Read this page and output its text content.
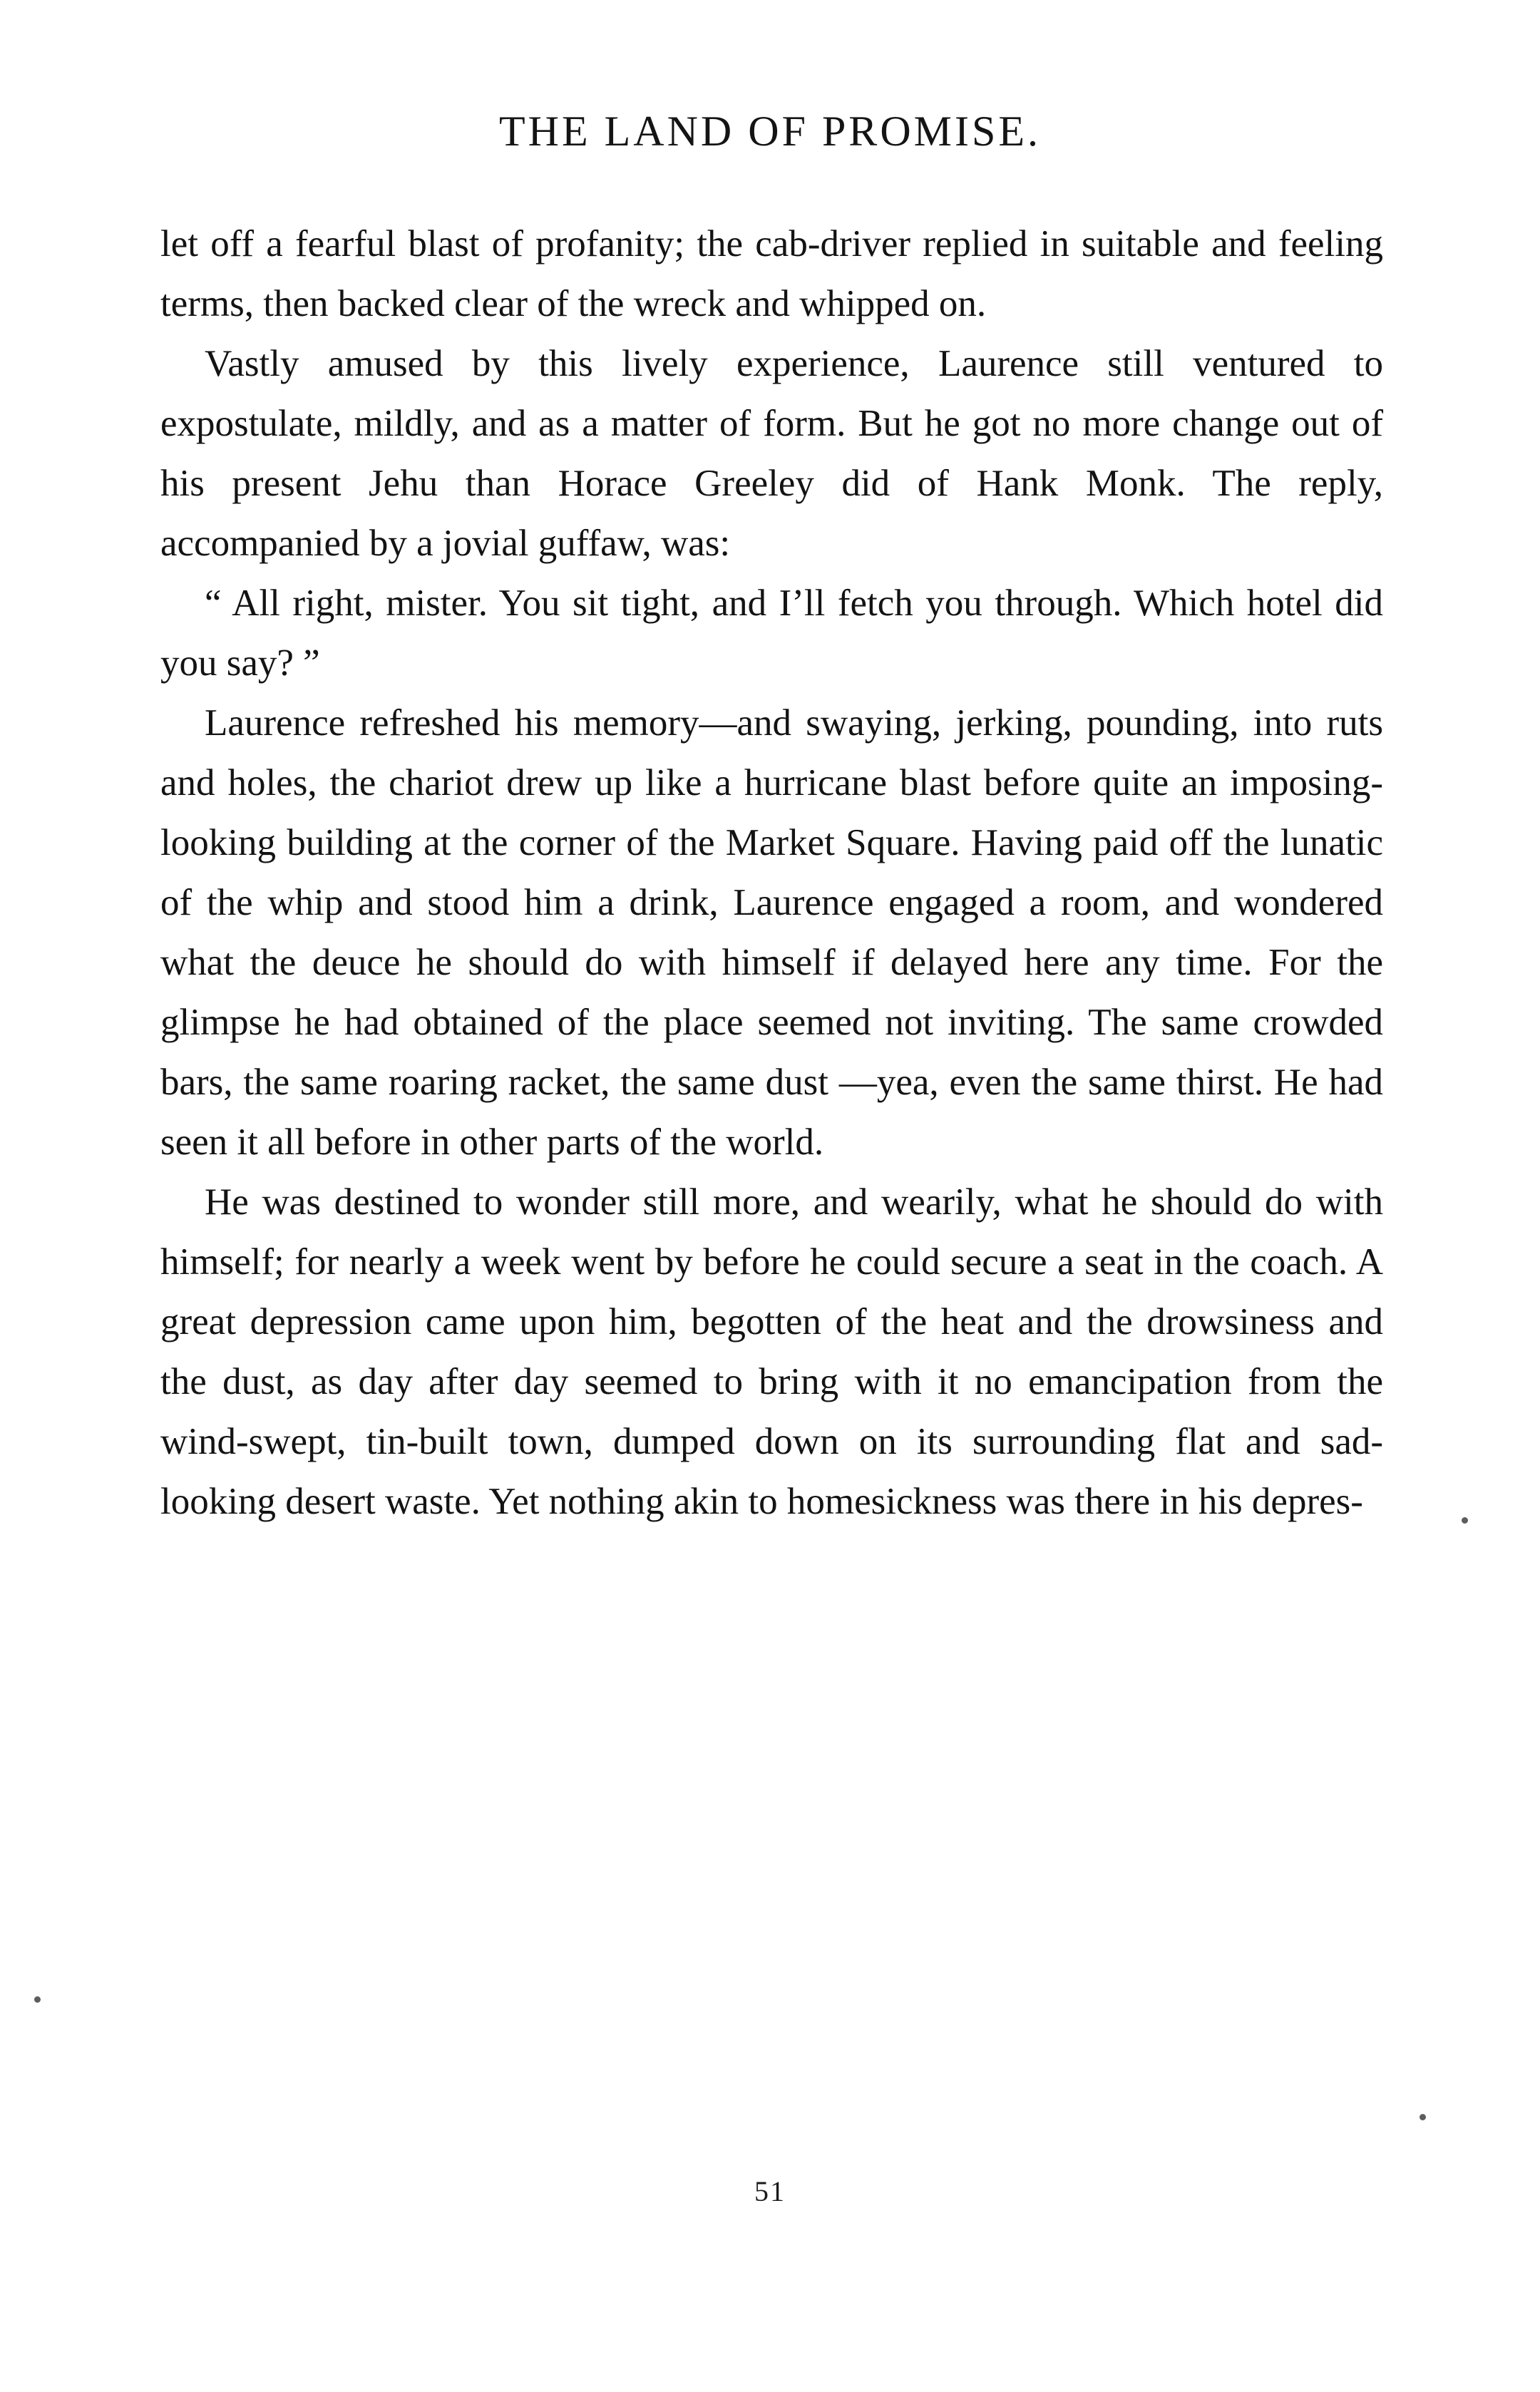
THE LAND OF PROMISE.

let off a fearful blast of profanity; the cab-driver replied in suitable and feeling terms, then backed clear of the wreck and whipped on.

Vastly amused by this lively experience, Laurence still ventured to expostulate, mildly, and as a matter of form. But he got no more change out of his present Jehu than Horace Greeley did of Hank Monk. The reply, accompanied by a jovial guffaw, was:

“ All right, mister. You sit tight, and I’ll fetch you through. Which hotel did you say? ”

Laurence refreshed his memory—and swaying, jerking, pounding, into ruts and holes, the chariot drew up like a hurricane blast before quite an imposing-looking building at the corner of the Market Square. Having paid off the lunatic of the whip and stood him a drink, Laurence engaged a room, and wondered what the deuce he should do with himself if delayed here any time. For the glimpse he had obtained of the place seemed not inviting. The same crowded bars, the same roaring racket, the same dust —yea, even the same thirst. He had seen it all before in other parts of the world.

He was destined to wonder still more, and wearily, what he should do with himself; for nearly a week went by before he could secure a seat in the coach. A great depression came upon him, begotten of the heat and the drowsiness and the dust, as day after day seemed to bring with it no emancipation from the wind-swept, tin-built town, dumped down on its surrounding flat and sad-looking desert waste. Yet nothing akin to homesickness was there in his depres-

51
